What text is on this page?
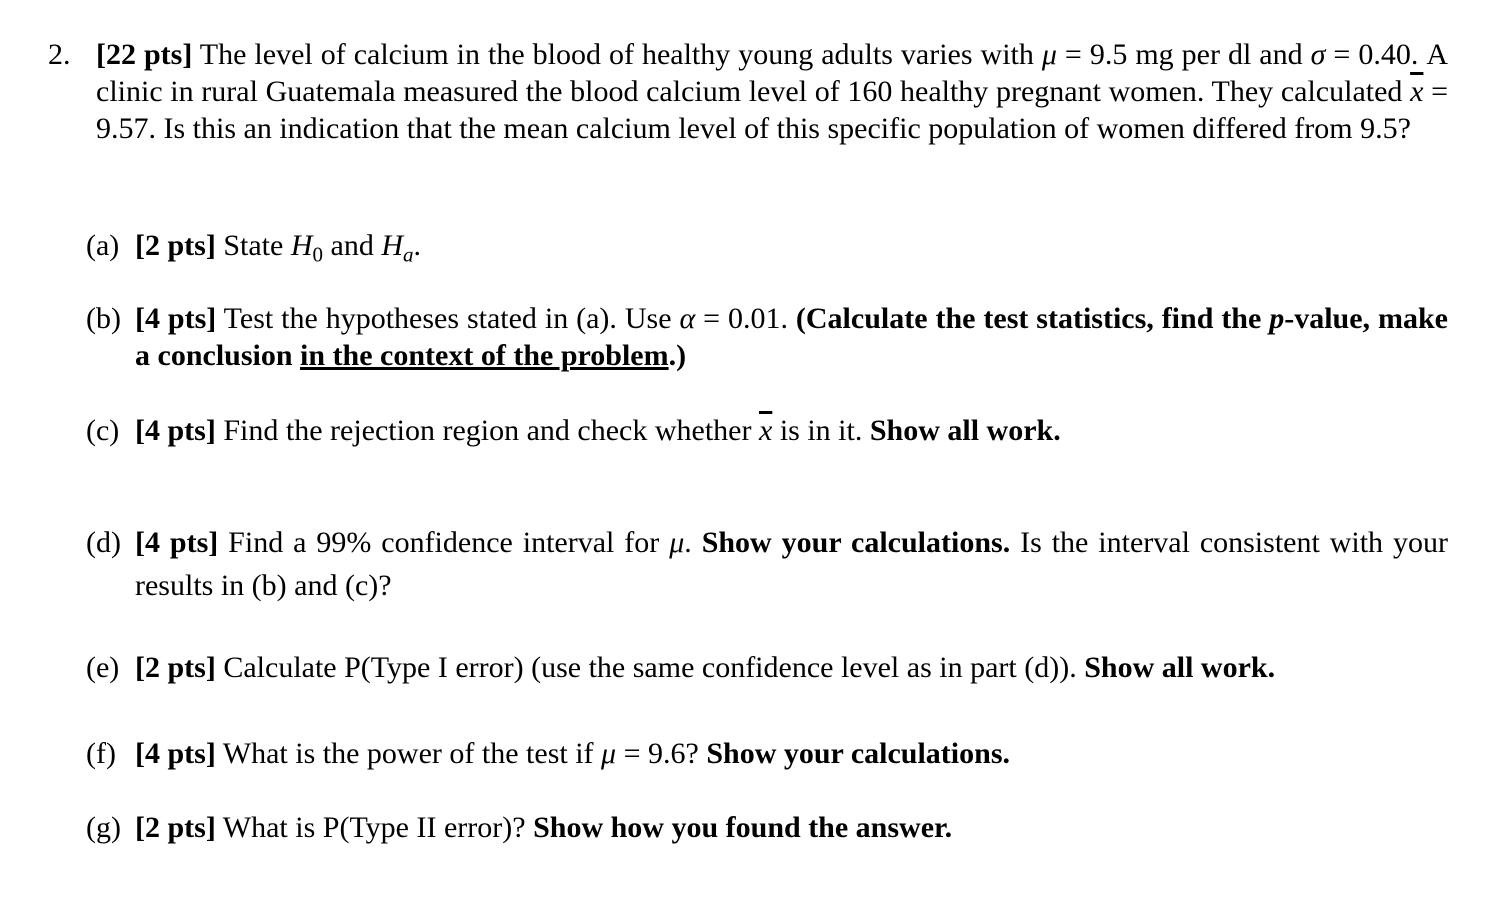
2. [22 pts] The level of calcium in the blood of healthy young adults varies with μ = 9.5 mg per dl and σ = 0.40. A clinic in rural Guatemala measured the blood calcium level of 160 healthy pregnant women. They calculated $\overline{x} = 9.57$. Is this an indication that the mean calcium level of this specific population of women differed from 9.5?
(a) [2 pts] State $H_0$ and $H_a$.
(b) [4 pts] Test the hypotheses stated in (a). Use α = 0.01. (Calculate the test statistics, find the p-value, make a conclusion in the context of the problem.)
(c) [4 pts] Find the rejection region and check whether $\overline{x}$ is in it. Show all work.
(d) [4 pts] Find a 99% confidence interval for μ. Show your calculations. Is the interval consistent with your results in (b) and (c)?
(e) [2 pts] Calculate P(Type I error) (use the same confidence level as in part (d)). Show all work.
(f) [4 pts] What is the power of the test if μ = 9.6? Show your calculations.
(g) [2 pts] What is P(Type II error)? Show how you found the answer.
